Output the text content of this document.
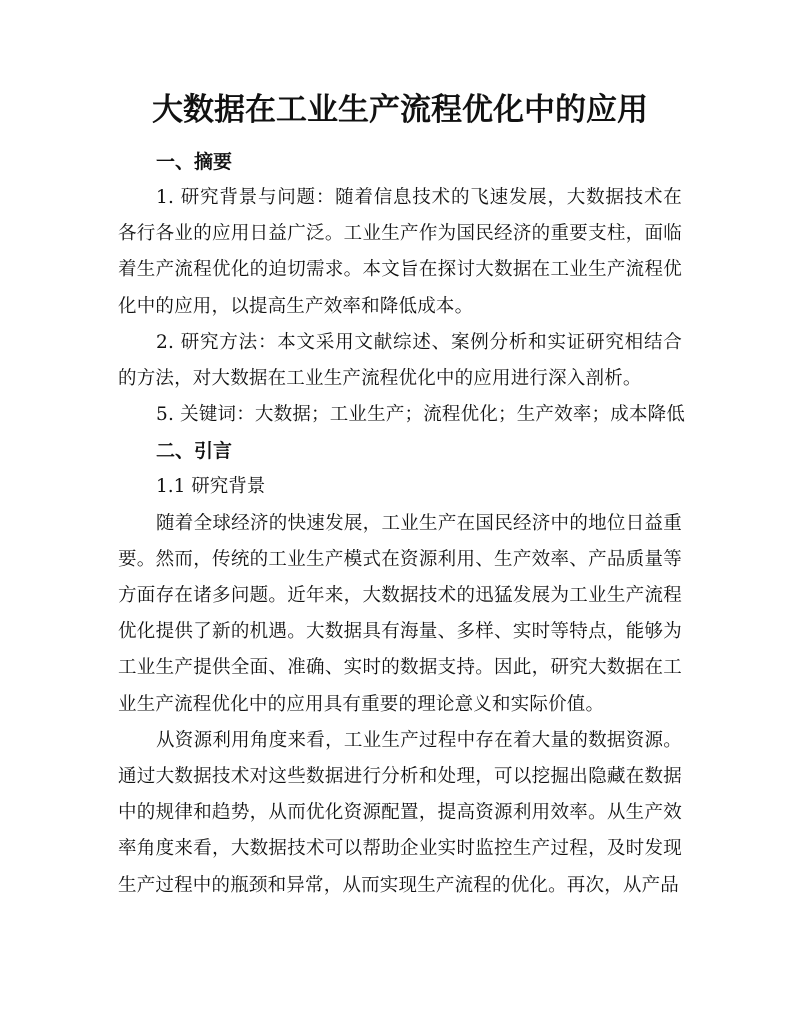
大数据在工业生产流程优化中的应用
一、摘要

1. 研究背景与问题：随着信息技术的飞速发展，大数据技术在各行各业的应用日益广泛。工业生产作为国民经济的重要支柱，面临着生产流程优化的迫切需求。本文旨在探讨大数据在工业生产流程优化中的应用，以提高生产效率和降低成本。

2. 研究方法：本文采用文献综述、案例分析和实证研究相结合的方法，对大数据在工业生产流程优化中的应用进行深入剖析。

5. 关键词：大数据；工业生产；流程优化；生产效率；成本降低

二、引言

1.1 研究背景

随着全球经济的快速发展，工业生产在国民经济中的地位日益重要。然而，传统的工业生产模式在资源利用、生产效率、产品质量等方面存在诸多问题。近年来，大数据技术的迅猛发展为工业生产流程优化提供了新的机遇。大数据具有海量、多样、实时等特点，能够为工业生产提供全面、准确、实时的数据支持。因此，研究大数据在工业生产流程优化中的应用具有重要的理论意义和实际价值。

从资源利用角度来看，工业生产过程中存在着大量的数据资源。通过大数据技术对这些数据进行分析和处理，可以挖掘出隐藏在数据中的规律和趋势，从而优化资源配置，提高资源利用效率。从生产效率角度来看，大数据技术可以帮助企业实时监控生产过程，及时发现生产过程中的瓶颈和异常，从而实现生产流程的优化。再次，从产品
